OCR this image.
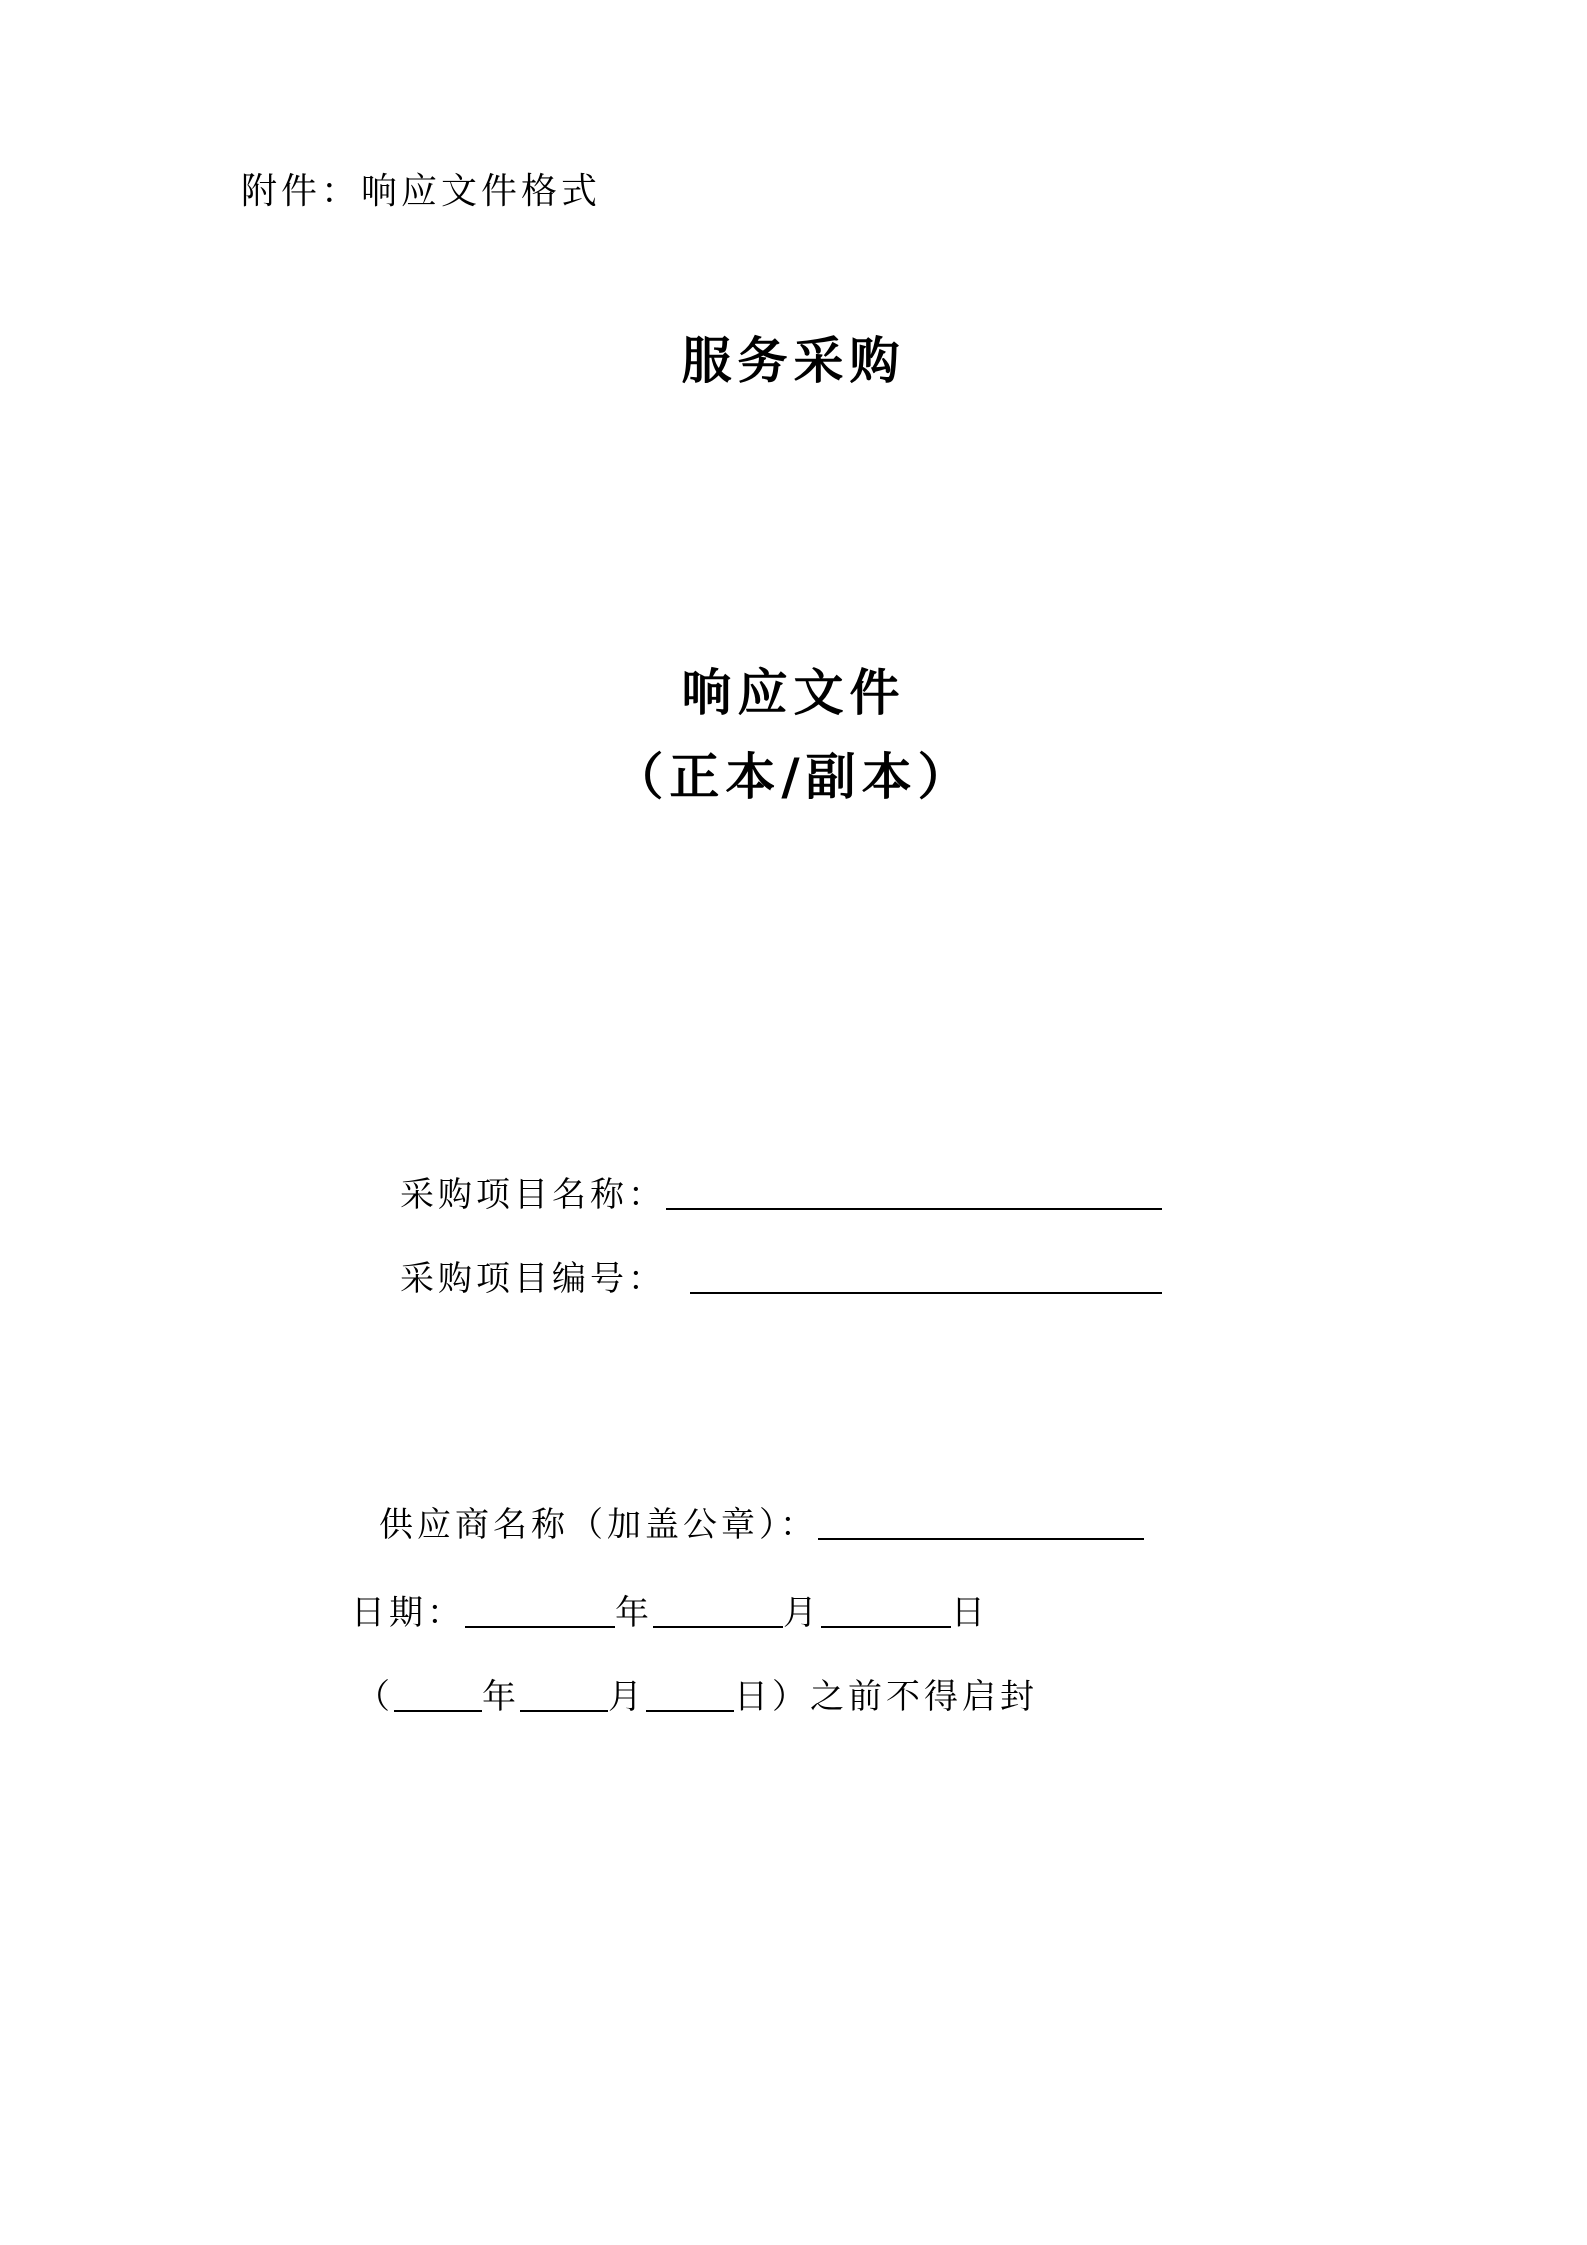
附件：响应文件格式
服务采购
响应文件
（正本/副本）
采购项目名称：
采购项目编号：
供应商名称（加盖公章）：
日期：	年	月	日
（	年	月	日 ）之前不得启封
